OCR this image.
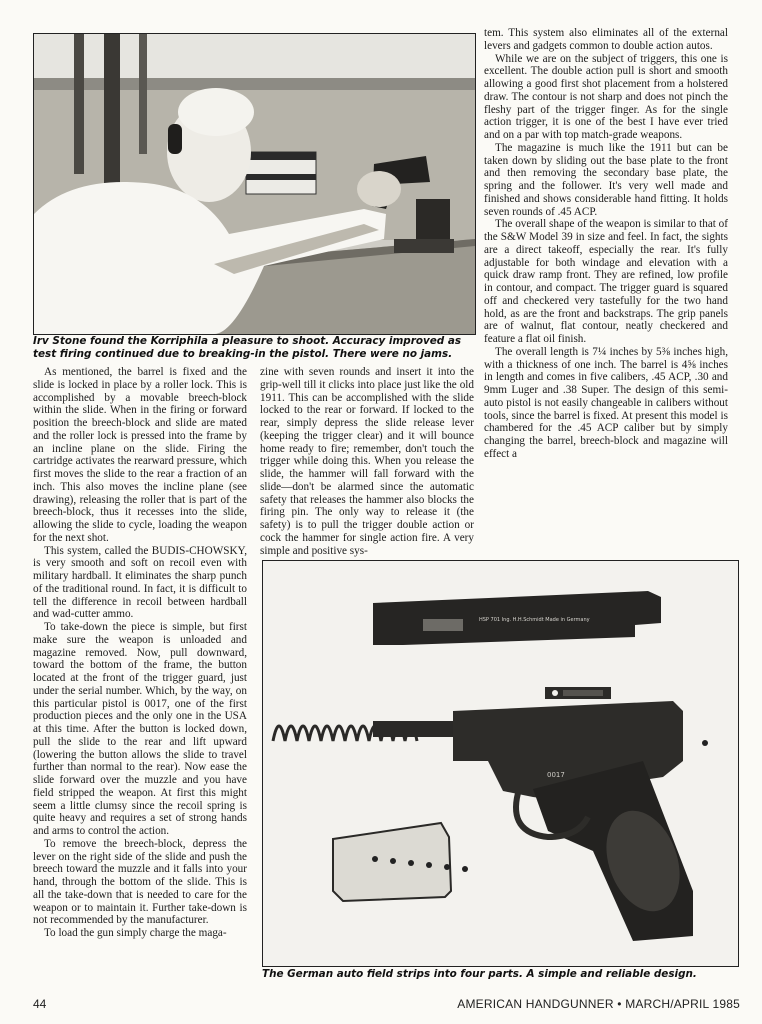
Irv Stone found the Korriphila a pleasure to shoot. Accuracy improved as test firing continued due to breaking-in the pistol. There were no jams.

As mentioned, the barrel is fixed and the slide is locked in place by a roller lock. This is accomplished by a movable breech-block within the slide. When in the firing or forward position the breech-block and slide are mated and the roller lock is pressed into the frame by an incline plane on the slide. Firing the cartridge activates the rearward pressure, which first moves the slide to the rear a fraction of an inch. This also moves the incline plane (see drawing), releasing the roller that is part of the breech-block, thus it recesses into the slide, allowing the slide to cycle, loading the weapon for the next shot.

This system, called the BUDIS-CHOWSKY, is very smooth and soft on recoil even with military hardball. It eliminates the sharp punch of the traditional round. In fact, it is difficult to tell the difference in recoil between hardball and wad-cutter ammo.

To take-down the piece is simple, but first make sure the weapon is unloaded and magazine removed. Now, pull downward, toward the bottom of the frame, the button located at the front of the trigger guard, just under the serial number. Which, by the way, on this particular pistol is 0017, one of the first production pieces and the only one in the USA at this time. After the button is locked down, pull the slide to the rear and lift upward (lowering the button allows the slide to travel further than normal to the rear). Now ease the slide forward over the muzzle and you have field stripped the weapon. At first this might seem a little clumsy since the recoil spring is quite heavy and requires a set of strong hands and arms to control the action.

To remove the breech-block, depress the lever on the right side of the slide and push the breech toward the muzzle and it falls into your hand, through the bottom of the slide. This is all the take-down that is needed to care for the weapon or to maintain it. Further take-down is not recommended by the manufacturer.

To load the gun simply charge the maga-

zine with seven rounds and insert it into the grip-well till it clicks into place just like the old 1911. This can be accomplished with the slide locked to the rear or forward. If locked to the rear, simply depress the slide release lever (keeping the trigger clear) and it will bounce home ready to fire; remember, don't touch the trigger while doing this. When you release the slide, the hammer will fall forward with the slide—don't be alarmed since the automatic safety that releases the hammer also blocks the firing pin. The only way to release it (the safety) is to pull the trigger double action or cock the hammer for single action fire. A very simple and positive sys-

tem. This system also eliminates all of the external levers and gadgets common to double action autos.

While we are on the subject of triggers, this one is excellent. The double action pull is short and smooth allowing a good first shot placement from a holstered draw. The contour is not sharp and does not pinch the fleshy part of the trigger finger. As for the single action trigger, it is one of the best I have ever tried and on a par with top match-grade weapons.

The magazine is much like the 1911 but can be taken down by sliding out the base plate to the front and then removing the secondary base plate, the spring and the follower. It's very well made and finished and shows considerable hand fitting. It holds seven rounds of .45 ACP.

The overall shape of the weapon is similar to that of the S&W Model 39 in size and feel. In fact, the sights are a direct takeoff, especially the rear. It's fully adjustable for both windage and elevation with a quick draw ramp front. They are refined, low profile in contour, and compact. The trigger guard is squared off and checkered very tastefully for the two hand hold, as are the front and backstraps. The grip panels are of walnut, flat contour, neatly checkered and feature a flat oil finish.

The overall length is 7¼ inches by 5⅜ inches high, with a thickness of one inch. The barrel is 4⅝ inches in length and comes in five calibers, .45 ACP, .30 and 9mm Luger and .38 Super. The design of this semi-auto pistol is not easily changeable in calibers without tools, since the barrel is fixed. At present this model is chambered for the .45 ACP caliber but by simply changing the barrel, breech-block and magazine will effect a

HSP 701 Ing. H.H.Schmidt Made in Germany
0017
The German auto field strips into four parts. A simple and reliable design.
44	AMERICAN HANDGUNNER • MARCH/APRIL 1985
